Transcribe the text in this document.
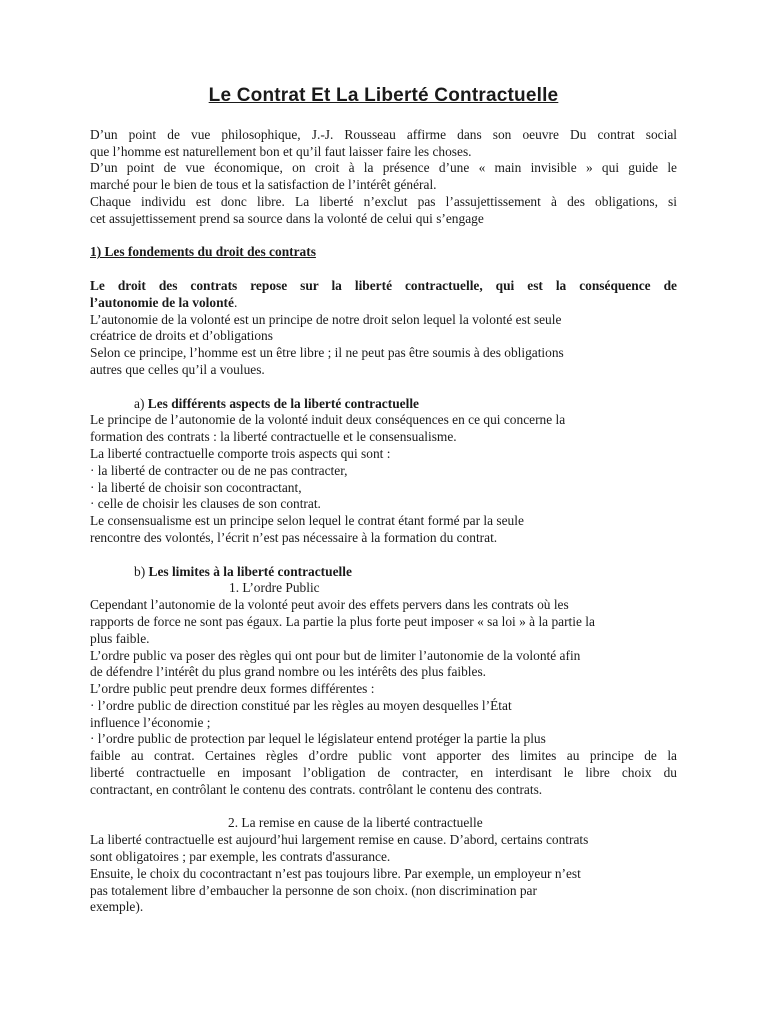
Le Contrat Et La Liberté Contractuelle
D’un point de vue philosophique, J.-J. Rousseau affirme dans son oeuvre Du contrat social
que l’homme est naturellement bon et qu’il faut laisser faire les choses.
D’un point de vue économique, on croit à la présence d’une « main invisible » qui guide le
marché pour le bien de tous et la satisfaction de l’intérêt général.
Chaque individu est donc libre. La liberté n’exclut pas l’assujettissement à des obligations, si
cet assujettissement prend sa source dans la volonté de celui qui s’engage
1) Les fondements du droit des contrats
Le droit des contrats repose sur la liberté contractuelle, qui est la conséquence de
l’autonomie de la volonté.
L’autonomie de la volonté est un principe de notre droit selon lequel la volonté est seule
créatrice de droits et d’obligations
Selon ce principe, l’homme est un être libre ; il ne peut pas être soumis à des obligations
autres que celles qu’il a voulues.
a) Les différents aspects de la liberté contractuelle
Le principe de l’autonomie de la volonté induit deux conséquences en ce qui concerne la
formation des contrats : la liberté contractuelle et le consensualisme.
La liberté contractuelle comporte trois aspects qui sont :
· la liberté de contracter ou de ne pas contracter,
· la liberté de choisir son cocontractant,
· celle de choisir les clauses de son contrat.
Le consensualisme est un principe selon lequel le contrat étant formé par la seule
rencontre des volontés, l’écrit n’est pas nécessaire à la formation du contrat.
b) Les limites à la liberté contractuelle
1. L’ordre Public
Cependant l’autonomie de la volonté peut avoir des effets pervers dans les contrats où les
rapports de force ne sont pas égaux. La partie la plus forte peut imposer « sa loi » à la partie la
plus faible.
L’ordre public va poser des règles qui ont pour but de limiter l’autonomie de la volonté afin
de défendre l’intérêt du plus grand nombre ou les intérêts des plus faibles.
L’ordre public peut prendre deux formes différentes :
· l’ordre public de direction constitué par les règles au moyen desquelles l’État
influence l’économie ;
· l’ordre public de protection par lequel le législateur entend protéger la partie la plus
faible au contrat. Certaines règles d’ordre public vont apporter des limites au principe de la
liberté contractuelle en imposant l’obligation de contracter, en interdisant le libre choix du
contractant, en contrôlant le contenu des contrats. contrôlant le contenu des contrats.
2. La remise en cause de la liberté contractuelle
La liberté contractuelle est aujourd’hui largement remise en cause. D’abord, certains contrats
sont obligatoires ; par exemple, les contrats d'assurance.
Ensuite, le choix du cocontractant n’est pas toujours libre. Par exemple, un employeur n’est
pas totalement libre d’embaucher la personne de son choix. (non discrimination par
exemple).
